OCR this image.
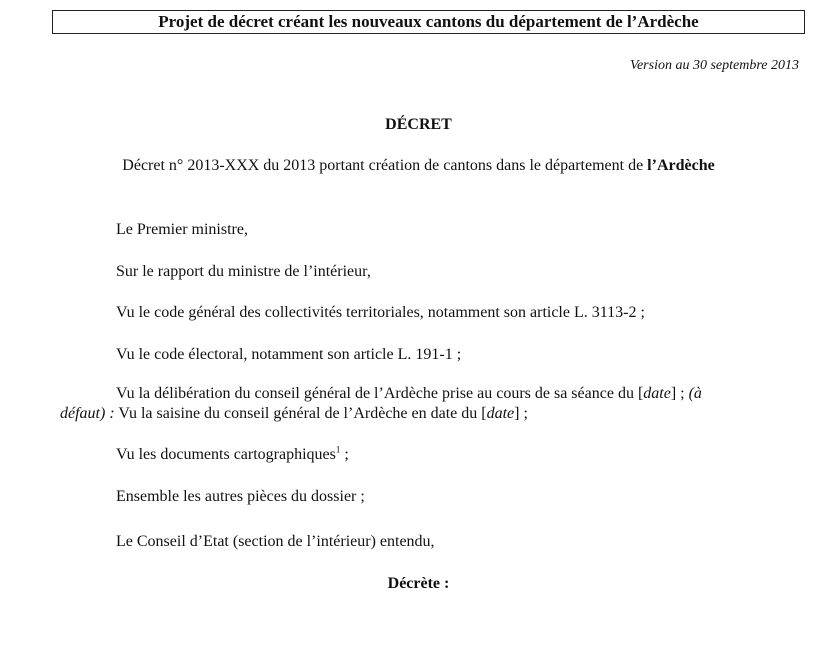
Projet de décret créant les nouveaux cantons du département de l’Ardèche
Version au 30 septembre 2013
DÉCRET
Décret n° 2013-XXX du 2013 portant création de cantons dans le département de l’Ardèche
Le Premier ministre,
Sur le rapport du ministre de l’intérieur,
Vu le code général des collectivités territoriales, notamment son article L. 3113-2 ;
Vu le code électoral, notamment son article L. 191-1 ;
Vu la délibération du conseil général de l’Ardèche prise au cours de sa séance du [date] ; (à
défaut) : Vu la saisine du conseil général de l’Ardèche en date du [date] ;
Vu les documents cartographiques$^1$ ;
Ensemble les autres pièces du dossier ;
Le Conseil d’Etat (section de l’intérieur) entendu,
Décrète :
